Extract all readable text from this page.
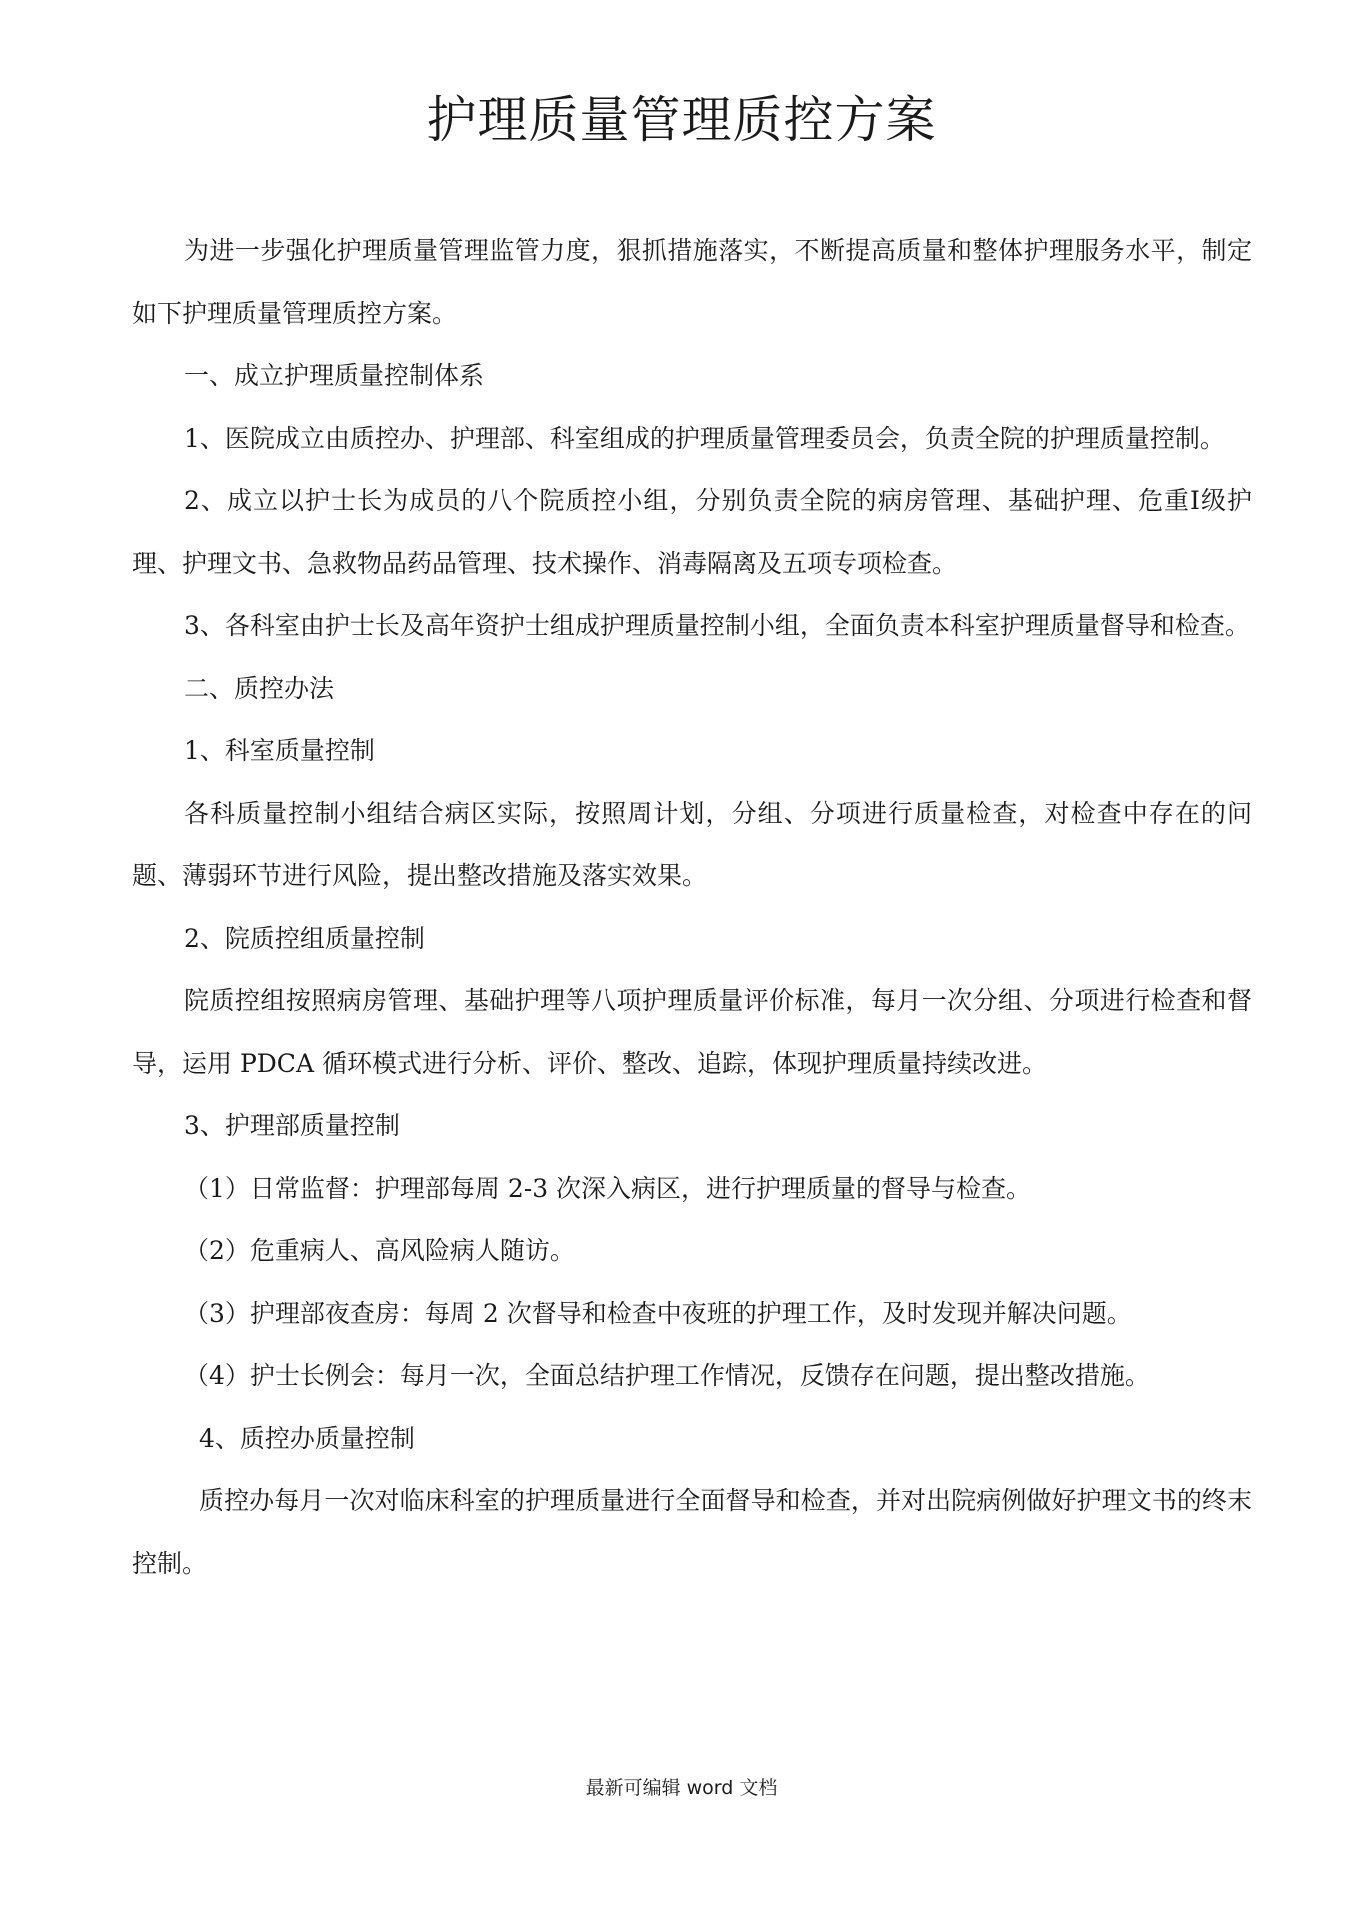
护理质量管理质控方案

为进一步强化护理质量管理监管力度，狠抓措施落实，不断提高质量和整体护理服务水平，制定如下护理质量管理质控方案。

一、成立护理质量控制体系

1、医院成立由质控办、护理部、科室组成的护理质量管理委员会，负责全院的护理质量控制。

2、成立以护士长为成员的八个院质控小组，分别负责全院的病房管理、基础护理、危重Ⅰ级护理、护理文书、急救物品药品管理、技术操作、消毒隔离及五项专项检查。

3、各科室由护士长及高年资护士组成护理质量控制小组，全面负责本科室护理质量督导和检查。

二、质控办法

1、科室质量控制

各科质量控制小组结合病区实际，按照周计划，分组、分项进行质量检查，对检查中存在的问题、薄弱环节进行风险，提出整改措施及落实效果。

2、院质控组质量控制

院质控组按照病房管理、基础护理等八项护理质量评价标准，每月一次分组、分项进行检查和督导，运用 PDCA 循环模式进行分析、评价、整改、追踪，体现护理质量持续改进。

3、护理部质量控制

（1）日常监督：护理部每周 2-3 次深入病区，进行护理质量的督导与检查。

（2）危重病人、高风险病人随访。

（3）护理部夜查房：每周 2 次督导和检查中夜班的护理工作，及时发现并解决问题。

（4）护士长例会：每月一次，全面总结护理工作情况，反馈存在问题，提出整改措施。

4、质控办质量控制

质控办每月一次对临床科室的护理质量进行全面督导和检查，并对出院病例做好护理文书的终末控制。

最新可编辑 word 文档
